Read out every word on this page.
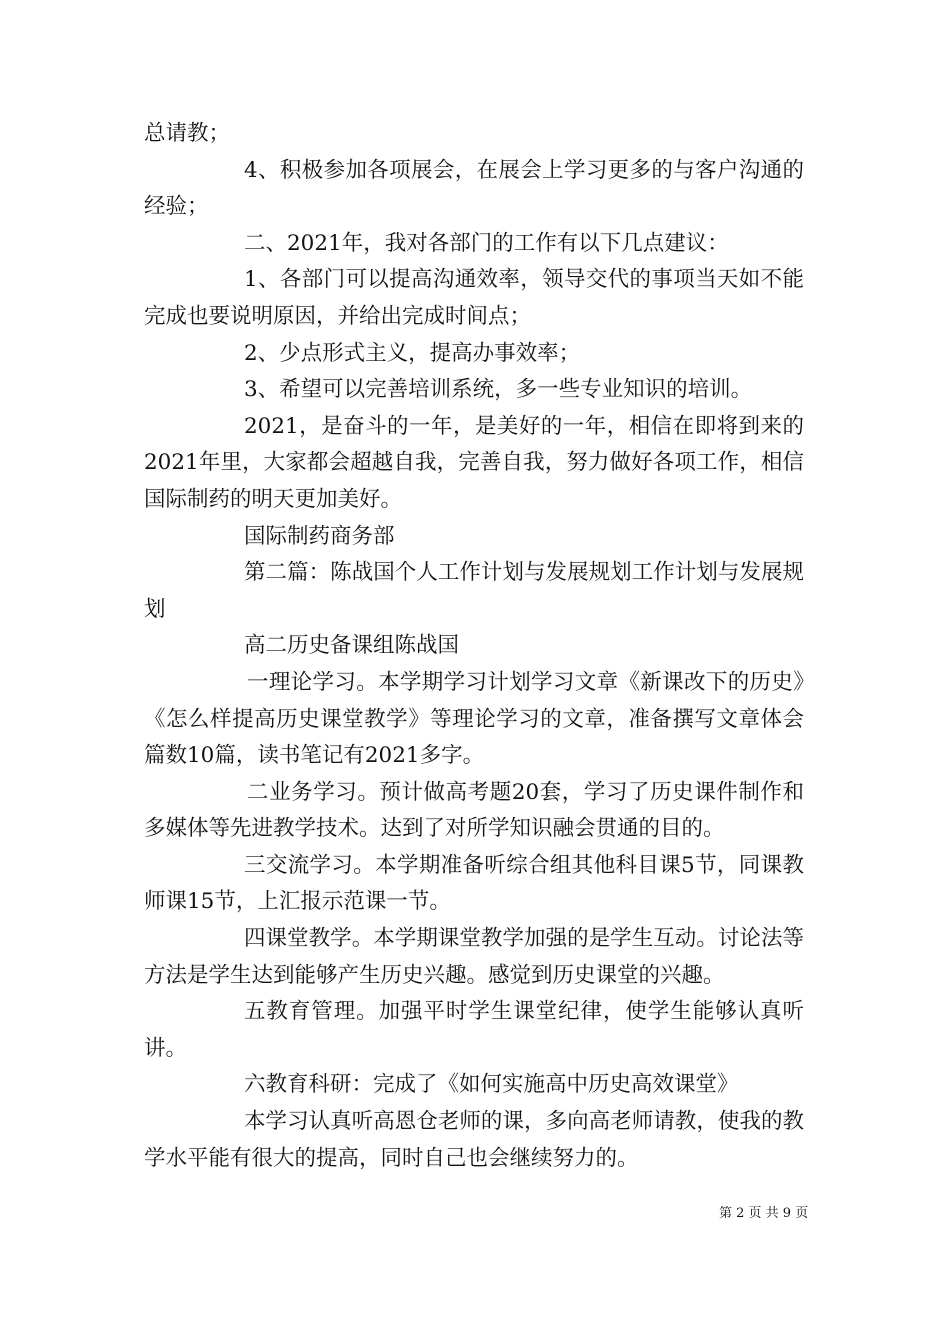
总请教；

4、积极参加各项展会，在展会上学习更多的与客户沟通的经验；

二、2021年，我对各部门的工作有以下几点建议：

1、各部门可以提高沟通效率，领导交代的事项当天如不能完成也要说明原因，并给出完成时间点；

2、少点形式主义，提高办事效率；

3、希望可以完善培训系统，多一些专业知识的培训。

2021，是奋斗的一年，是美好的一年，相信在即将到来的2021年里，大家都会超越自我，完善自我，努力做好各项工作，相信国际制药的明天更加美好。

国际制药商务部

第二篇：陈战国个人工作计划与发展规划工作计划与发展规划

高二历史备课组陈战国

一理论学习。本学期学习计划学习文章《新课改下的历史》《怎么样提高历史课堂教学》等理论学习的文章，准备撰写文章体会篇数10篇，读书笔记有2021多字。

二业务学习。预计做高考题20套，学习了历史课件制作和多媒体等先进教学技术。达到了对所学知识融会贯通的目的。

三交流学习。本学期准备听综合组其他科目课5节，同课教师课15节，上汇报示范课一节。

四课堂教学。本学期课堂教学加强的是学生互动。讨论法等方法是学生达到能够产生历史兴趣。感觉到历史课堂的兴趣。

五教育管理。加强平时学生课堂纪律，使学生能够认真听讲。

六教育科研：完成了《如何实施高中历史高效课堂》

本学习认真听高恩仓老师的课，多向高老师请教，使我的教学水平能有很大的提高，同时自己也会继续努力的。

第 2 页 共 9 页
